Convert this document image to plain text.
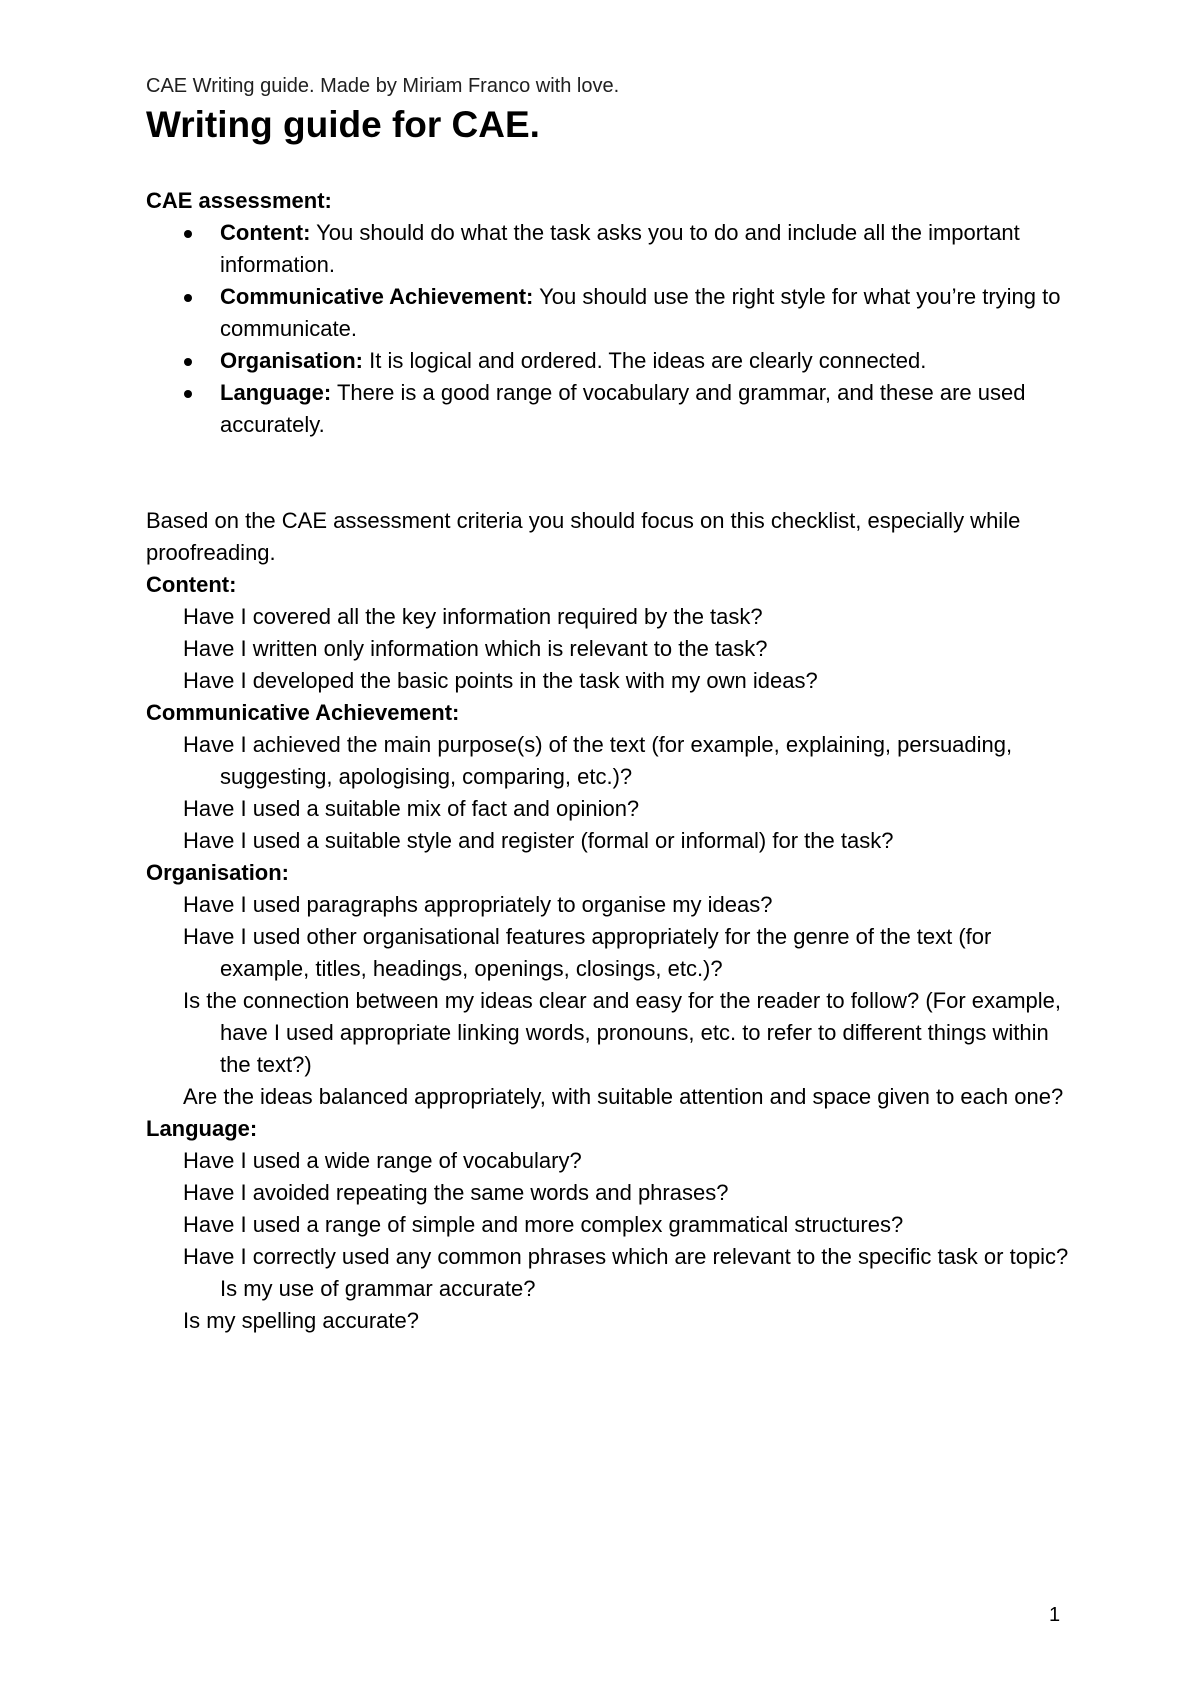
CAE Writing guide. Made by Miriam Franco with love.
Writing guide for CAE.

CAE assessment:

Content: You should do what the task asks you to do and include all the important information.
Communicative Achievement: You should use the right style for what you’re trying to communicate.
Organisation: It is logical and ordered. The ideas are clearly connected.
Language: There is a good range of vocabulary and grammar, and these are used accurately.

Based on the CAE assessment criteria you should focus on this checklist, especially while proofreading.

Content:

Have I covered all the key information required by the task?
Have I written only information which is relevant to the task?
Have I developed the basic points in the task with my own ideas?

Communicative Achievement:

Have I achieved the main purpose(s) of the text (for example, explaining, persuading, suggesting, apologising, comparing, etc.)?
Have I used a suitable mix of fact and opinion?
Have I used a suitable style and register (formal or informal) for the task?

Organisation:

Have I used paragraphs appropriately to organise my ideas?
Have I used other organisational features appropriately for the genre of the text (for example, titles, headings, openings, closings, etc.)?
Is the connection between my ideas clear and easy for the reader to follow? (For example, have I used appropriate linking words, pronouns, etc. to refer to different things within the text?)
Are the ideas balanced appropriately, with suitable attention and space given to each one?

Language:

Have I used a wide range of vocabulary?
Have I avoided repeating the same words and phrases?
Have I used a range of simple and more complex grammatical structures?
Have I correctly used any common phrases which are relevant to the specific task or topic? Is my use of grammar accurate?
Is my spelling accurate?
1
